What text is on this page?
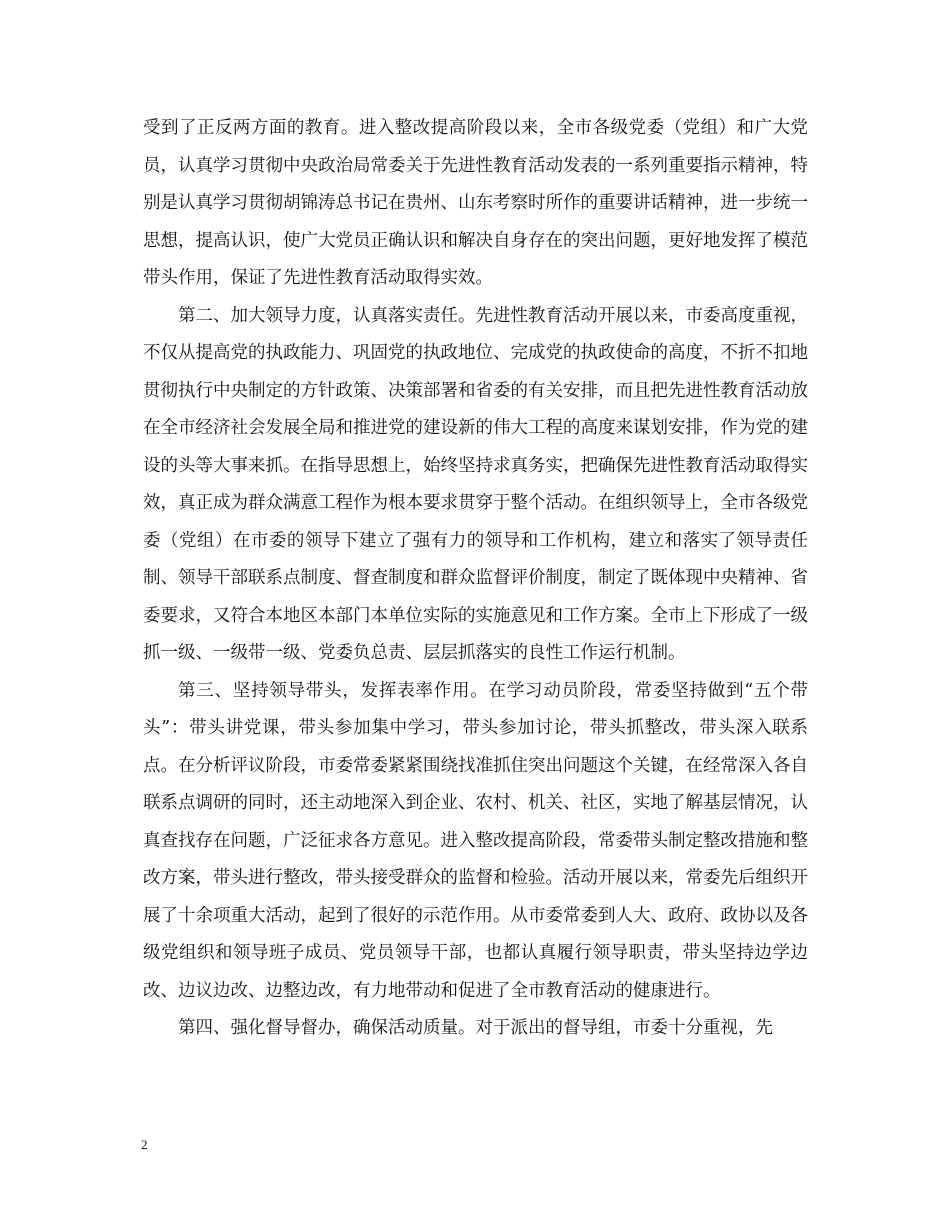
受到了正反两方面的教育。进入整改提高阶段以来，全市各级党委（党组）和广大党员，认真学习贯彻中央政治局常委关于先进性教育活动发表的一系列重要指示精神，特别是认真学习贯彻胡锦涛总书记在贵州、山东考察时所作的重要讲话精神，进一步统一思想，提高认识，使广大党员正确认识和解决自身存在的突出问题，更好地发挥了模范带头作用，保证了先进性教育活动取得实效。

第二、加大领导力度，认真落实责任。先进性教育活动开展以来，市委高度重视，不仅从提高党的执政能力、巩固党的执政地位、完成党的执政使命的高度，不折不扣地贯彻执行中央制定的方针政策、决策部署和省委的有关安排，而且把先进性教育活动放在全市经济社会发展全局和推进党的建设新的伟大工程的高度来谋划安排，作为党的建设的头等大事来抓。在指导思想上，始终坚持求真务实，把确保先进性教育活动取得实效，真正成为群众满意工程作为根本要求贯穿于整个活动。在组织领导上，全市各级党委（党组）在市委的领导下建立了强有力的领导和工作机构，建立和落实了领导责任制、领导干部联系点制度、督查制度和群众监督评价制度，制定了既体现中央精神、省委要求，又符合本地区本部门本单位实际的实施意见和工作方案。全市上下形成了一级抓一级、一级带一级、党委负总责、层层抓落实的良性工作运行机制。

第三、坚持领导带头，发挥表率作用。在学习动员阶段，常委坚持做到“五个带头”：带头讲党课，带头参加集中学习，带头参加讨论，带头抓整改，带头深入联系点。在分析评议阶段，市委常委紧紧围绕找准抓住突出问题这个关键，在经常深入各自联系点调研的同时，还主动地深入到企业、农村、机关、社区，实地了解基层情况，认真查找存在问题，广泛征求各方意见。进入整改提高阶段，常委带头制定整改措施和整改方案，带头进行整改，带头接受群众的监督和检验。活动开展以来，常委先后组织开展了十余项重大活动，起到了很好的示范作用。从市委常委到人大、政府、政协以及各级党组织和领导班子成员、党员领导干部，也都认真履行领导职责，带头坚持边学边改、边议边改、边整边改，有力地带动和促进了全市教育活动的健康进行。

第四、强化督导督办，确保活动质量。对于派出的督导组，市委十分重视，先

2
